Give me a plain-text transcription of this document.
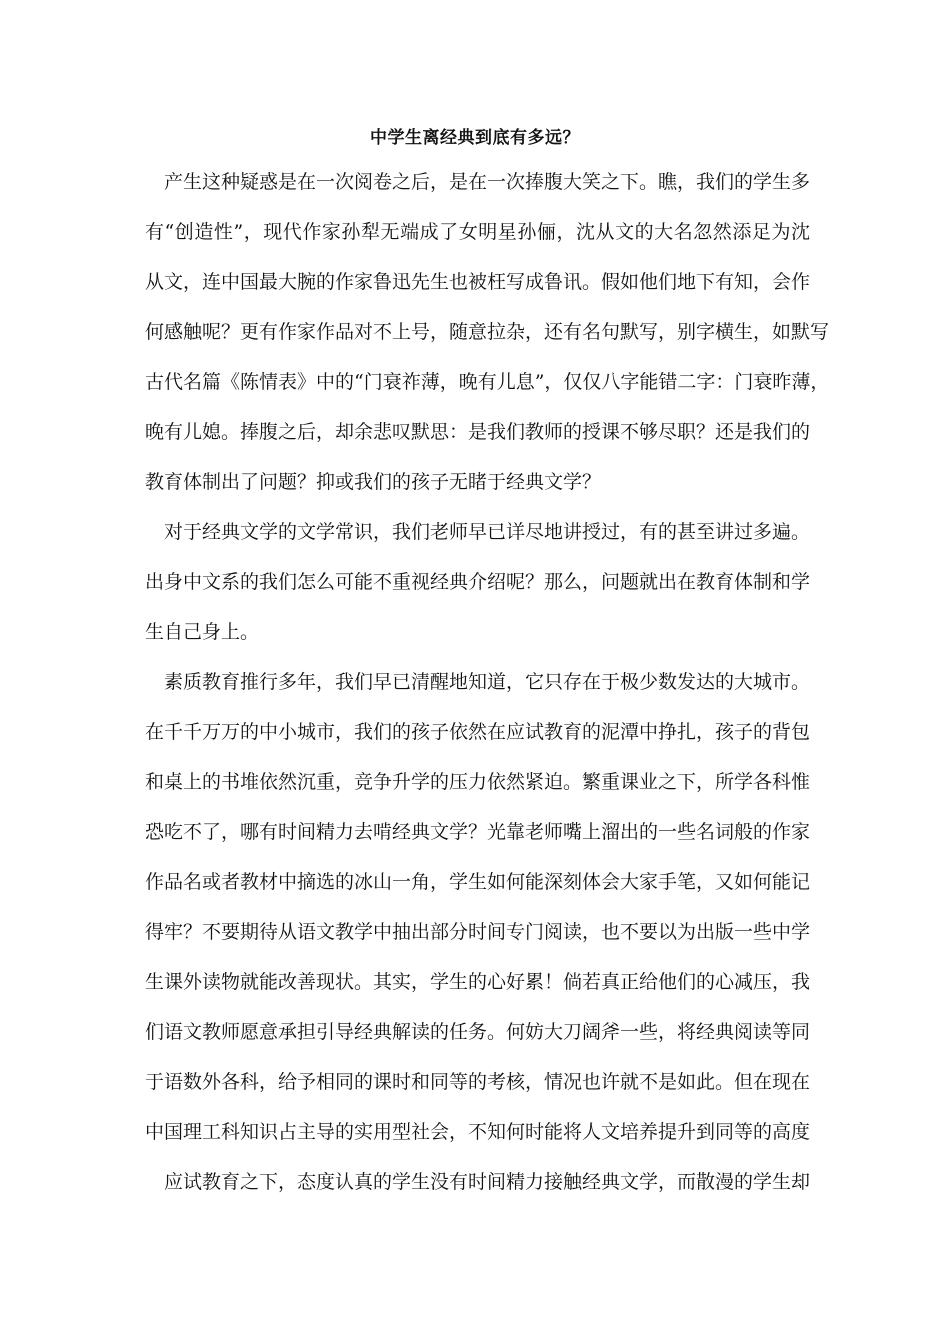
中学生离经典到底有多远？
产生这种疑惑是在一次阅卷之后，是在一次捧腹大笑之下。瞧，我们的学生多
有“创造性”，现代作家孙犁无端成了女明星孙俪，沈从文的大名忽然添足为沈
从文，连中国最大腕的作家鲁迅先生也被枉写成鲁讯。假如他们地下有知，会作
何感触呢？更有作家作品对不上号，随意拉杂，还有名句默写，别字横生，如默写
古代名篇《陈情表》中的“门衰祚薄，晚有儿息”，仅仅八字能错二字：门衰昨薄，
晚有儿媳。捧腹之后，却余悲叹默思：是我们教师的授课不够尽职？还是我们的
教育体制出了问题？抑或我们的孩子无睹于经典文学？
对于经典文学的文学常识，我们老师早已详尽地讲授过，有的甚至讲过多遍。
出身中文系的我们怎么可能不重视经典介绍呢？那么，问题就出在教育体制和学
生自己身上。
素质教育推行多年，我们早已清醒地知道，它只存在于极少数发达的大城市。
在千千万万的中小城市，我们的孩子依然在应试教育的泥潭中挣扎，孩子的背包
和桌上的书堆依然沉重，竞争升学的压力依然紧迫。繁重课业之下，所学各科惟
恐吃不了，哪有时间精力去啃经典文学？光靠老师嘴上溜出的一些名词般的作家
作品名或者教材中摘选的冰山一角，学生如何能深刻体会大家手笔，又如何能记
得牢？不要期待从语文教学中抽出部分时间专门阅读，也不要以为出版一些中学
生课外读物就能改善现状。其实，学生的心好累！倘若真正给他们的心减压，我
们语文教师愿意承担引导经典解读的任务。何妨大刀阔斧一些，将经典阅读等同
于语数外各科，给予相同的课时和同等的考核，情况也许就不是如此。但在现在
中国理工科知识占主导的实用型社会，不知何时能将人文培养提升到同等的高度
应试教育之下，态度认真的学生没有时间精力接触经典文学，而散漫的学生却
